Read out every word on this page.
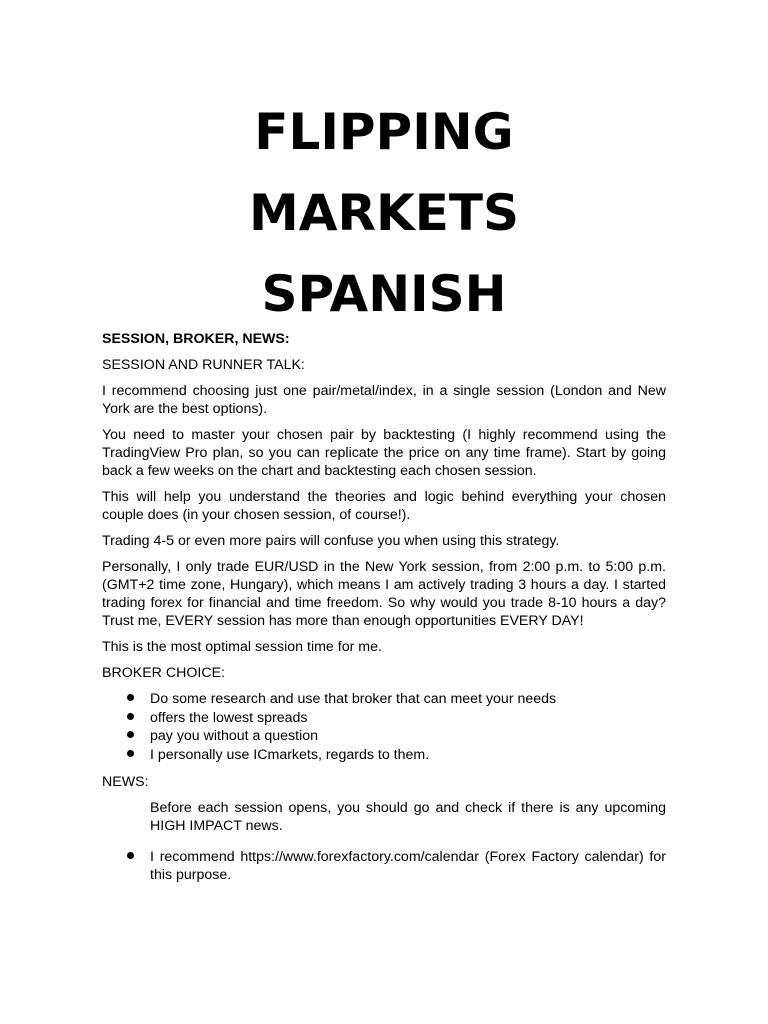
FLIPPING
MARKETS
SPANISH

SESSION, BROKER, NEWS:

SESSION AND RUNNER TALK:

I recommend choosing just one pair/metal/index, in a single session (London and New York are the best options).

You need to master your chosen pair by backtesting (I highly recommend using the TradingView Pro plan, so you can replicate the price on any time frame). Start by going back a few weeks on the chart and backtesting each chosen session.

This will help you understand the theories and logic behind everything your chosen couple does (in your chosen session, of course!).

Trading 4-5 or even more pairs will confuse you when using this strategy.

Personally, I only trade EUR/USD in the New York session, from 2:00 p.m. to 5:00 p.m. (GMT+2 time zone, Hungary), which means I am actively trading 3 hours a day. I started trading forex for financial and time freedom. So why would you trade 8-10 hours a day? Trust me, EVERY session has more than enough opportunities EVERY DAY!

This is the most optimal session time for me.

BROKER CHOICE:

Do some research and use that broker that can meet your needs
offers the lowest spreads
pay you without a question
I personally use ICmarkets, regards to them.

NEWS:

Before each session opens, you should go and check if there is any upcoming HIGH IMPACT news.

I recommend https://www.forexfactory.com/calendar (Forex Factory calendar) for this purpose.
